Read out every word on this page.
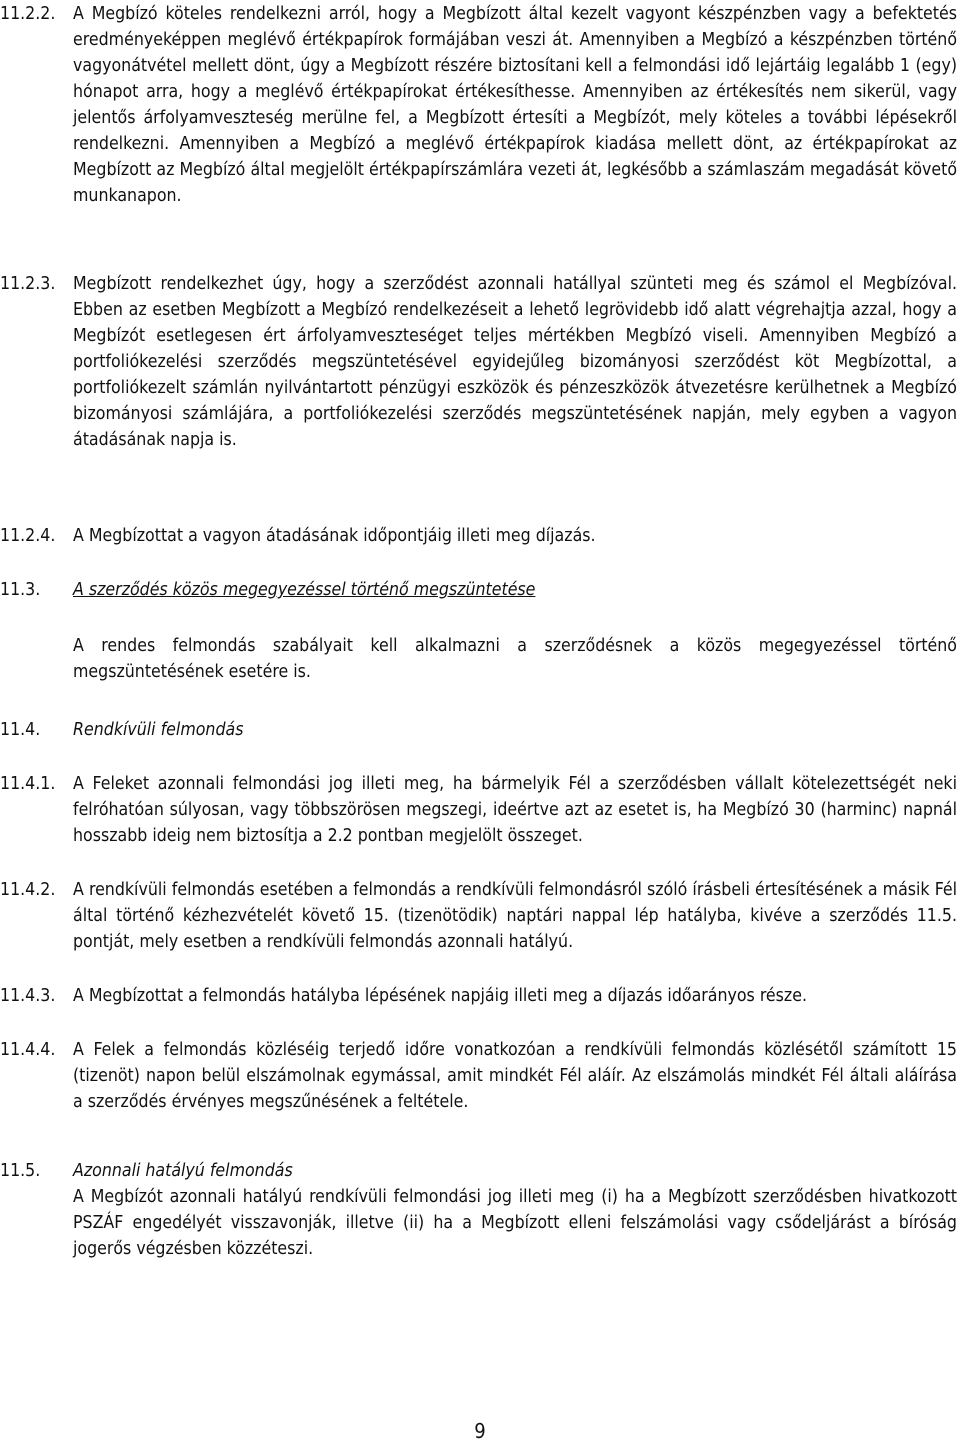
11.2.2. A Megbízó köteles rendelkezni arról, hogy a Megbízott által kezelt vagyont készpénzben vagy a befektetés eredményeképpen meglévő értékpapírok formájában veszi át. Amennyiben a Megbízó a készpénzben történő vagyonátvétel mellett dönt, úgy a Megbízott részére biztosítani kell a felmondási idő lejártáig legalább 1 (egy) hónapot arra, hogy a meglévő értékpapírokat értékesíthesse. Amennyiben az értékesítés nem sikerül, vagy jelentős árfolyamveszteség merülne fel, a Megbízott értesíti a Megbízót, mely köteles a további lépésekről rendelkezni. Amennyiben a Megbízó a meglévő értékpapírok kiadása mellett dönt, az értékpapírokat az Megbízott az Megbízó által megjelölt értékpapírszámlára vezeti át, legkésőbb a számlaszám megadását követő munkanapon.
11.2.3. Megbízott rendelkezhet úgy, hogy a szerződést azonnali hatállyal szünteti meg és számol el Megbízóval. Ebben az esetben Megbízott a Megbízó rendelkezéseit a lehető legrövidebb idő alatt végrehajtja azzal, hogy a Megbízót esetlegesen ért árfolyamveszteséget teljes mértékben Megbízó viseli. Amennyiben Megbízó a portfoliókezelési szerződés megszüntetésével egyidejűleg bizományosi szerződést köt Megbízottal, a portfoliókezelt számlán nyilvántartott pénzügyi eszközök és pénzeszközök átvezetésre kerülhetnek a Megbízó bizományosi számlájára, a portfoliókezelési szerződés megszüntetésének napján, mely egyben a vagyon átadásának napja is.
11.2.4. A Megbízottat a vagyon átadásának időpontjáig illeti meg díjazás.
11.3. A szerződés közös megegyezéssel történő megszüntetése
A rendes felmondás szabályait kell alkalmazni a szerződésnek a közös megegyezéssel történő megszüntetésének esetére is.
11.4. Rendkívüli felmondás
11.4.1. A Feleket azonnali felmondási jog illeti meg, ha bármelyik Fél a szerződésben vállalt kötelezettségét neki felróhatóan súlyosan, vagy többszörösen megszegi, ideértve azt az esetet is, ha Megbízó 30 (harminc) napnál hosszabb ideig nem biztosítja a 2.2 pontban megjelölt összeget.
11.4.2. A rendkívüli felmondás esetében a felmondás a rendkívüli felmondásról szóló írásbeli értesítésének a másik Fél által történő kézhezvételét követő 15. (tizenötödik) naptári nappal lép hatályba, kivéve a szerződés 11.5. pontját, mely esetben a rendkívüli felmondás azonnali hatályú.
11.4.3. A Megbízottat a felmondás hatályba lépésének napjáig illeti meg a díjazás időarányos része.
11.4.4. A Felek a felmondás közléséig terjedő időre vonatkozóan a rendkívüli felmondás közlésétől számított 15 (tizenöt) napon belül elszámolnak egymással, amit mindkét Fél aláír. Az elszámolás mindkét Fél általi aláírása a szerződés érvényes megszűnésének a feltétele.
11.5. Azonnali hatályú felmondás
A Megbízót azonnali hatályú rendkívüli felmondási jog illeti meg (i) ha a Megbízott szerződésben hivatkozott PSZÁF engedélyét visszavonják, illetve (ii) ha a Megbízott elleni felszámolási vagy csődeljárást a bíróság jogerős végzésben közzéteszi.
9
